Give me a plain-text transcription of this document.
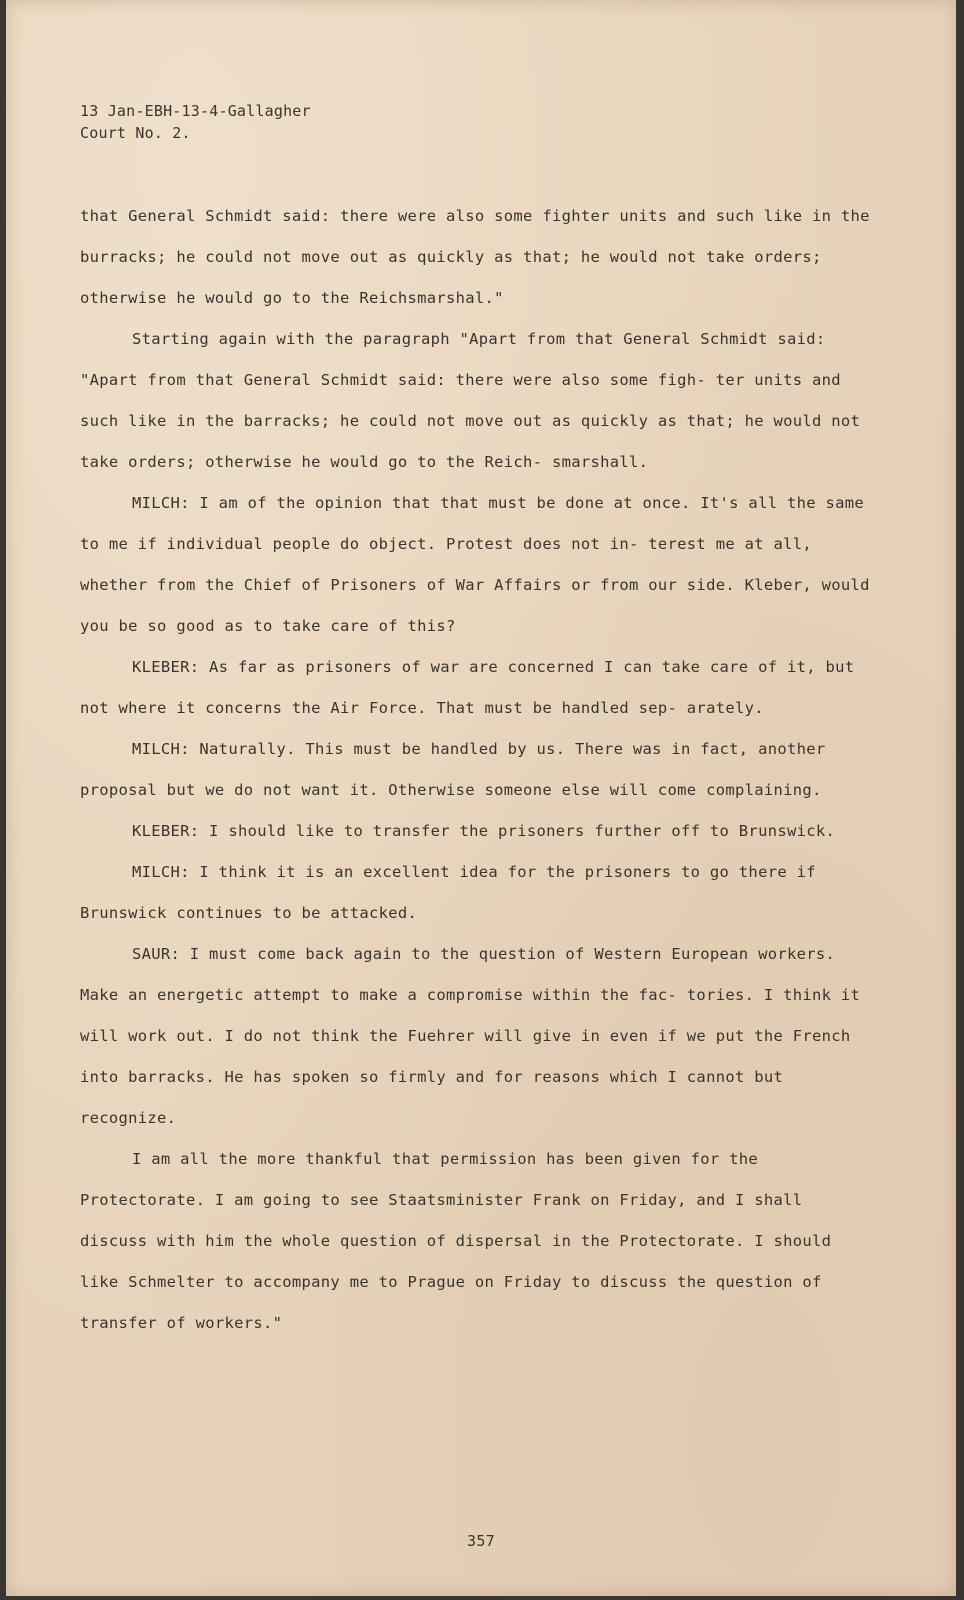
13 Jan-EBH-13-4-Gallagher
Court No. 2.

that General Schmidt said: there were also some fighter units and such like in the burracks; he could not move out as quickly as that; he would not take orders; otherwise he would go to the Reichsmarshal."

Starting again with the paragraph "Apart from that General Schmidt said: "Apart from that General Schmidt said: there were also some figh- ter units and such like in the barracks; he could not move out as quickly as that; he would not take orders; otherwise he would go to the Reich- smarshall.

MILCH: I am of the opinion that that must be done at once. It's all the same to me if individual people do object. Protest does not in- terest me at all, whether from the Chief of Prisoners of War Affairs or from our side. Kleber, would you be so good as to take care of this?

KLEBER: As far as prisoners of war are concerned I can take care of it, but not where it concerns the Air Force. That must be handled sep- arately.

MILCH: Naturally. This must be handled by us. There was in fact, another proposal but we do not want it. Otherwise someone else will come complaining.

KLEBER: I should like to transfer the prisoners further off to Brunswick.

MILCH: I think it is an excellent idea for the prisoners to go there if Brunswick continues to be attacked.

SAUR: I must come back again to the question of Western European workers. Make an energetic attempt to make a compromise within the fac- tories. I think it will work out. I do not think the Fuehrer will give in even if we put the French into barracks. He has spoken so firmly and for reasons which I cannot but recognize.

I am all the more thankful that permission has been given for the Protectorate. I am going to see Staatsminister Frank on Friday, and I shall discuss with him the whole question of dispersal in the Protectorate. I should like Schmelter to accompany me to Prague on Friday to discuss the question of transfer of workers."

357
